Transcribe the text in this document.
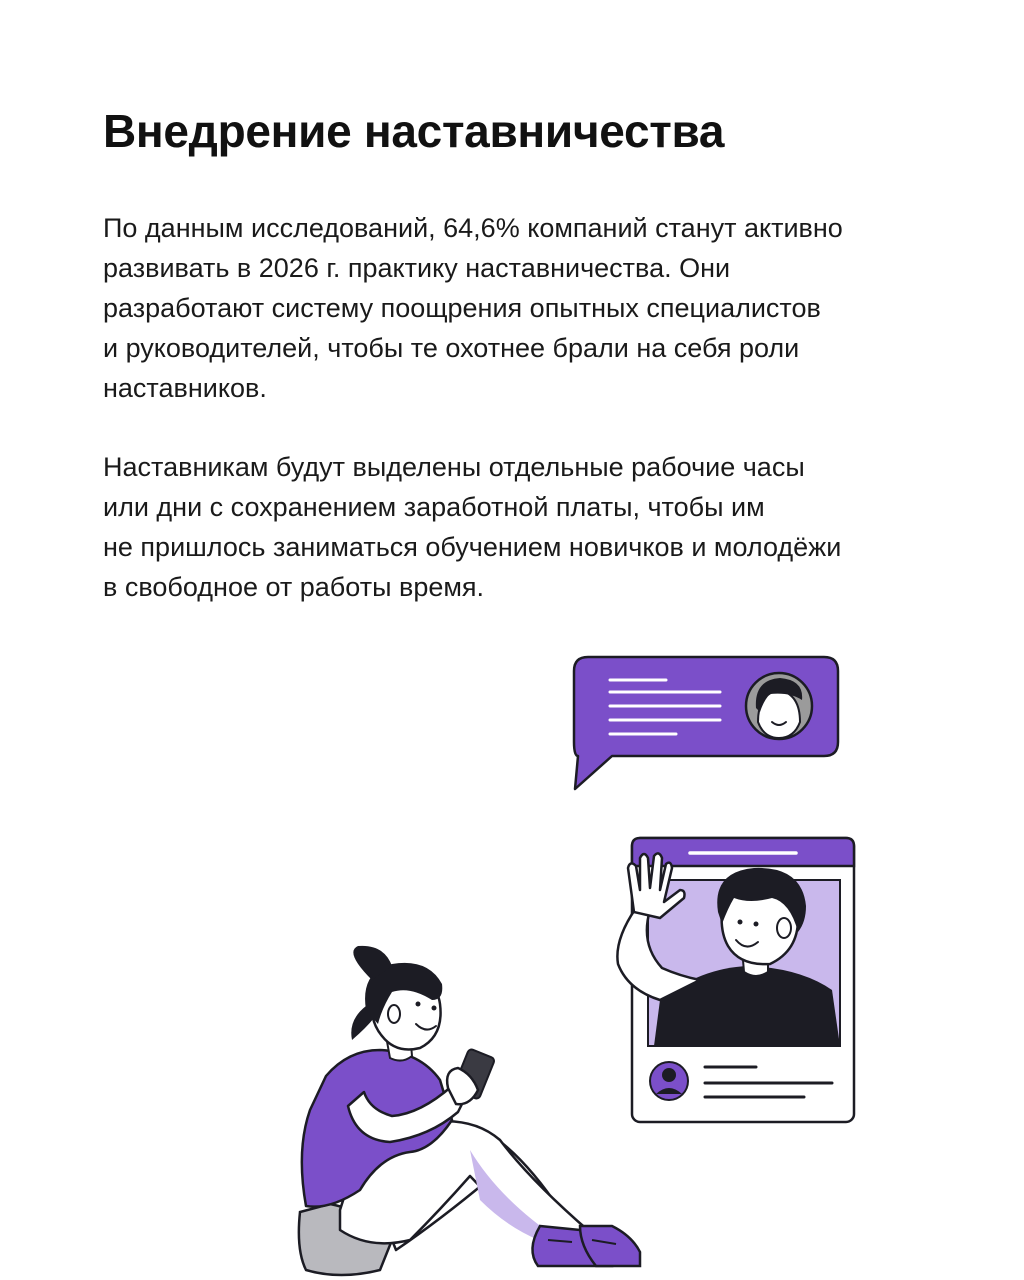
Внедрение наставничества
По данным исследований, 64,6% компаний станут активно
развивать в 2026 г. практику наставничества. Они
разработают систему поощрения опытных специалистов
и руководителей, чтобы те охотнее брали на себя роли
наставников.
Наставникам будут выделены отдельные рабочие часы
или дни с сохранением заработной платы, чтобы им
не пришлось заниматься обучением новичков и молодёжи
в свободное от работы время.
